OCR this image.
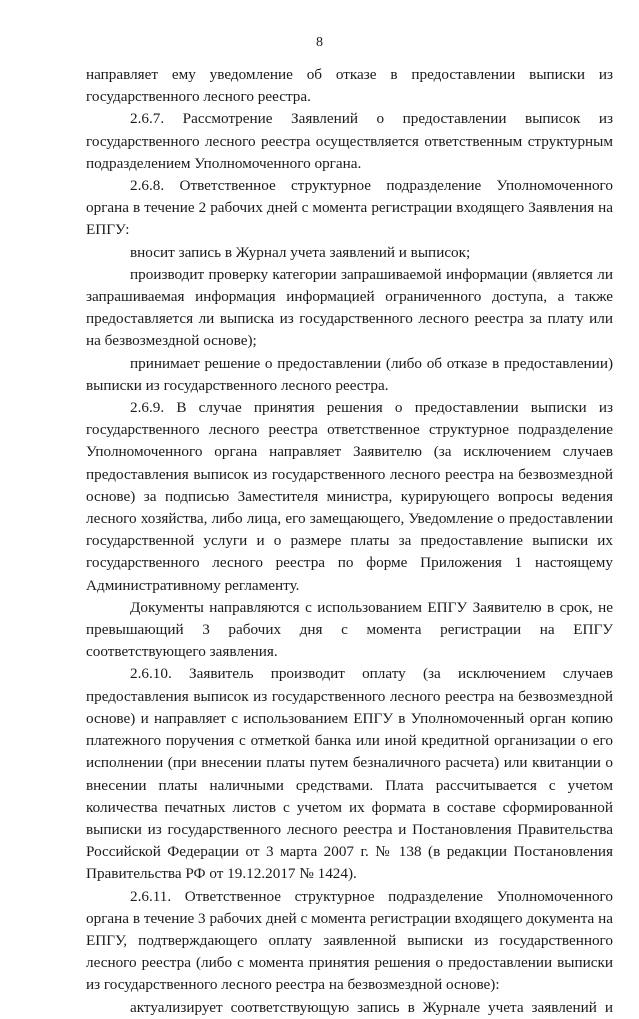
8

направляет ему уведомление об отказе в предоставлении выписки из государственного лесного реестра.

2.6.7. Рассмотрение Заявлений о предоставлении выписок из государственного лесного реестра осуществляется ответственным структурным подразделением Уполномоченного органа.

2.6.8. Ответственное структурное подразделение Уполномоченного органа в течение 2 рабочих дней с момента регистрации входящего Заявления на ЕПГУ:

вносит запись в Журнал учета заявлений и выписок;

производит проверку категории запрашиваемой информации (является ли запрашиваемая информация информацией ограниченного доступа, а также предоставляется ли выписка из государственного лесного реестра за плату или на безвозмездной основе);

принимает решение о предоставлении (либо об отказе в предоставлении) выписки из государственного лесного реестра.

2.6.9. В случае принятия решения о предоставлении выписки из государственного лесного реестра ответственное структурное подразделение Уполномоченного органа направляет Заявителю (за исключением случаев предоставления выписок из государственного лесного реестра на безвозмездной основе) за подписью Заместителя министра, курирующего вопросы ведения лесного хозяйства, либо лица, его замещающего, Уведомление о предоставлении государственной услуги и о размере платы за предоставление выписки их государственного лесного реестра по форме Приложения 1 настоящему Административному регламенту.

Документы направляются с использованием ЕПГУ Заявителю в срок, не превышающий 3 рабочих дня с момента регистрации на ЕПГУ соответствующего заявления.

2.6.10. Заявитель производит оплату (за исключением случаев предоставления выписок из государственного лесного реестра на безвозмездной основе) и направляет с использованием ЕПГУ в Уполномоченный орган копию платежного поручения с отметкой банка или иной кредитной организации о его исполнении (при внесении платы путем безналичного расчета) или квитанции о внесении платы наличными средствами. Плата рассчитывается с учетом количества печатных листов с учетом их формата в составе сформированной выписки из государственного лесного реестра и Постановления Правительства Российской Федерации от 3 марта 2007 г. № 138 (в редакции Постановления Правительства РФ от 19.12.2017 № 1424).

2.6.11. Ответственное структурное подразделение Уполномоченного органа в течение 3 рабочих дней с момента регистрации входящего документа на ЕПГУ, подтверждающего оплату заявленной выписки из государственного лесного реестра (либо с момента принятия решения о предоставлении выписки из государственного лесного реестра на безвозмездной основе):

актуализирует соответствующую запись в Журнале учета заявлений и
